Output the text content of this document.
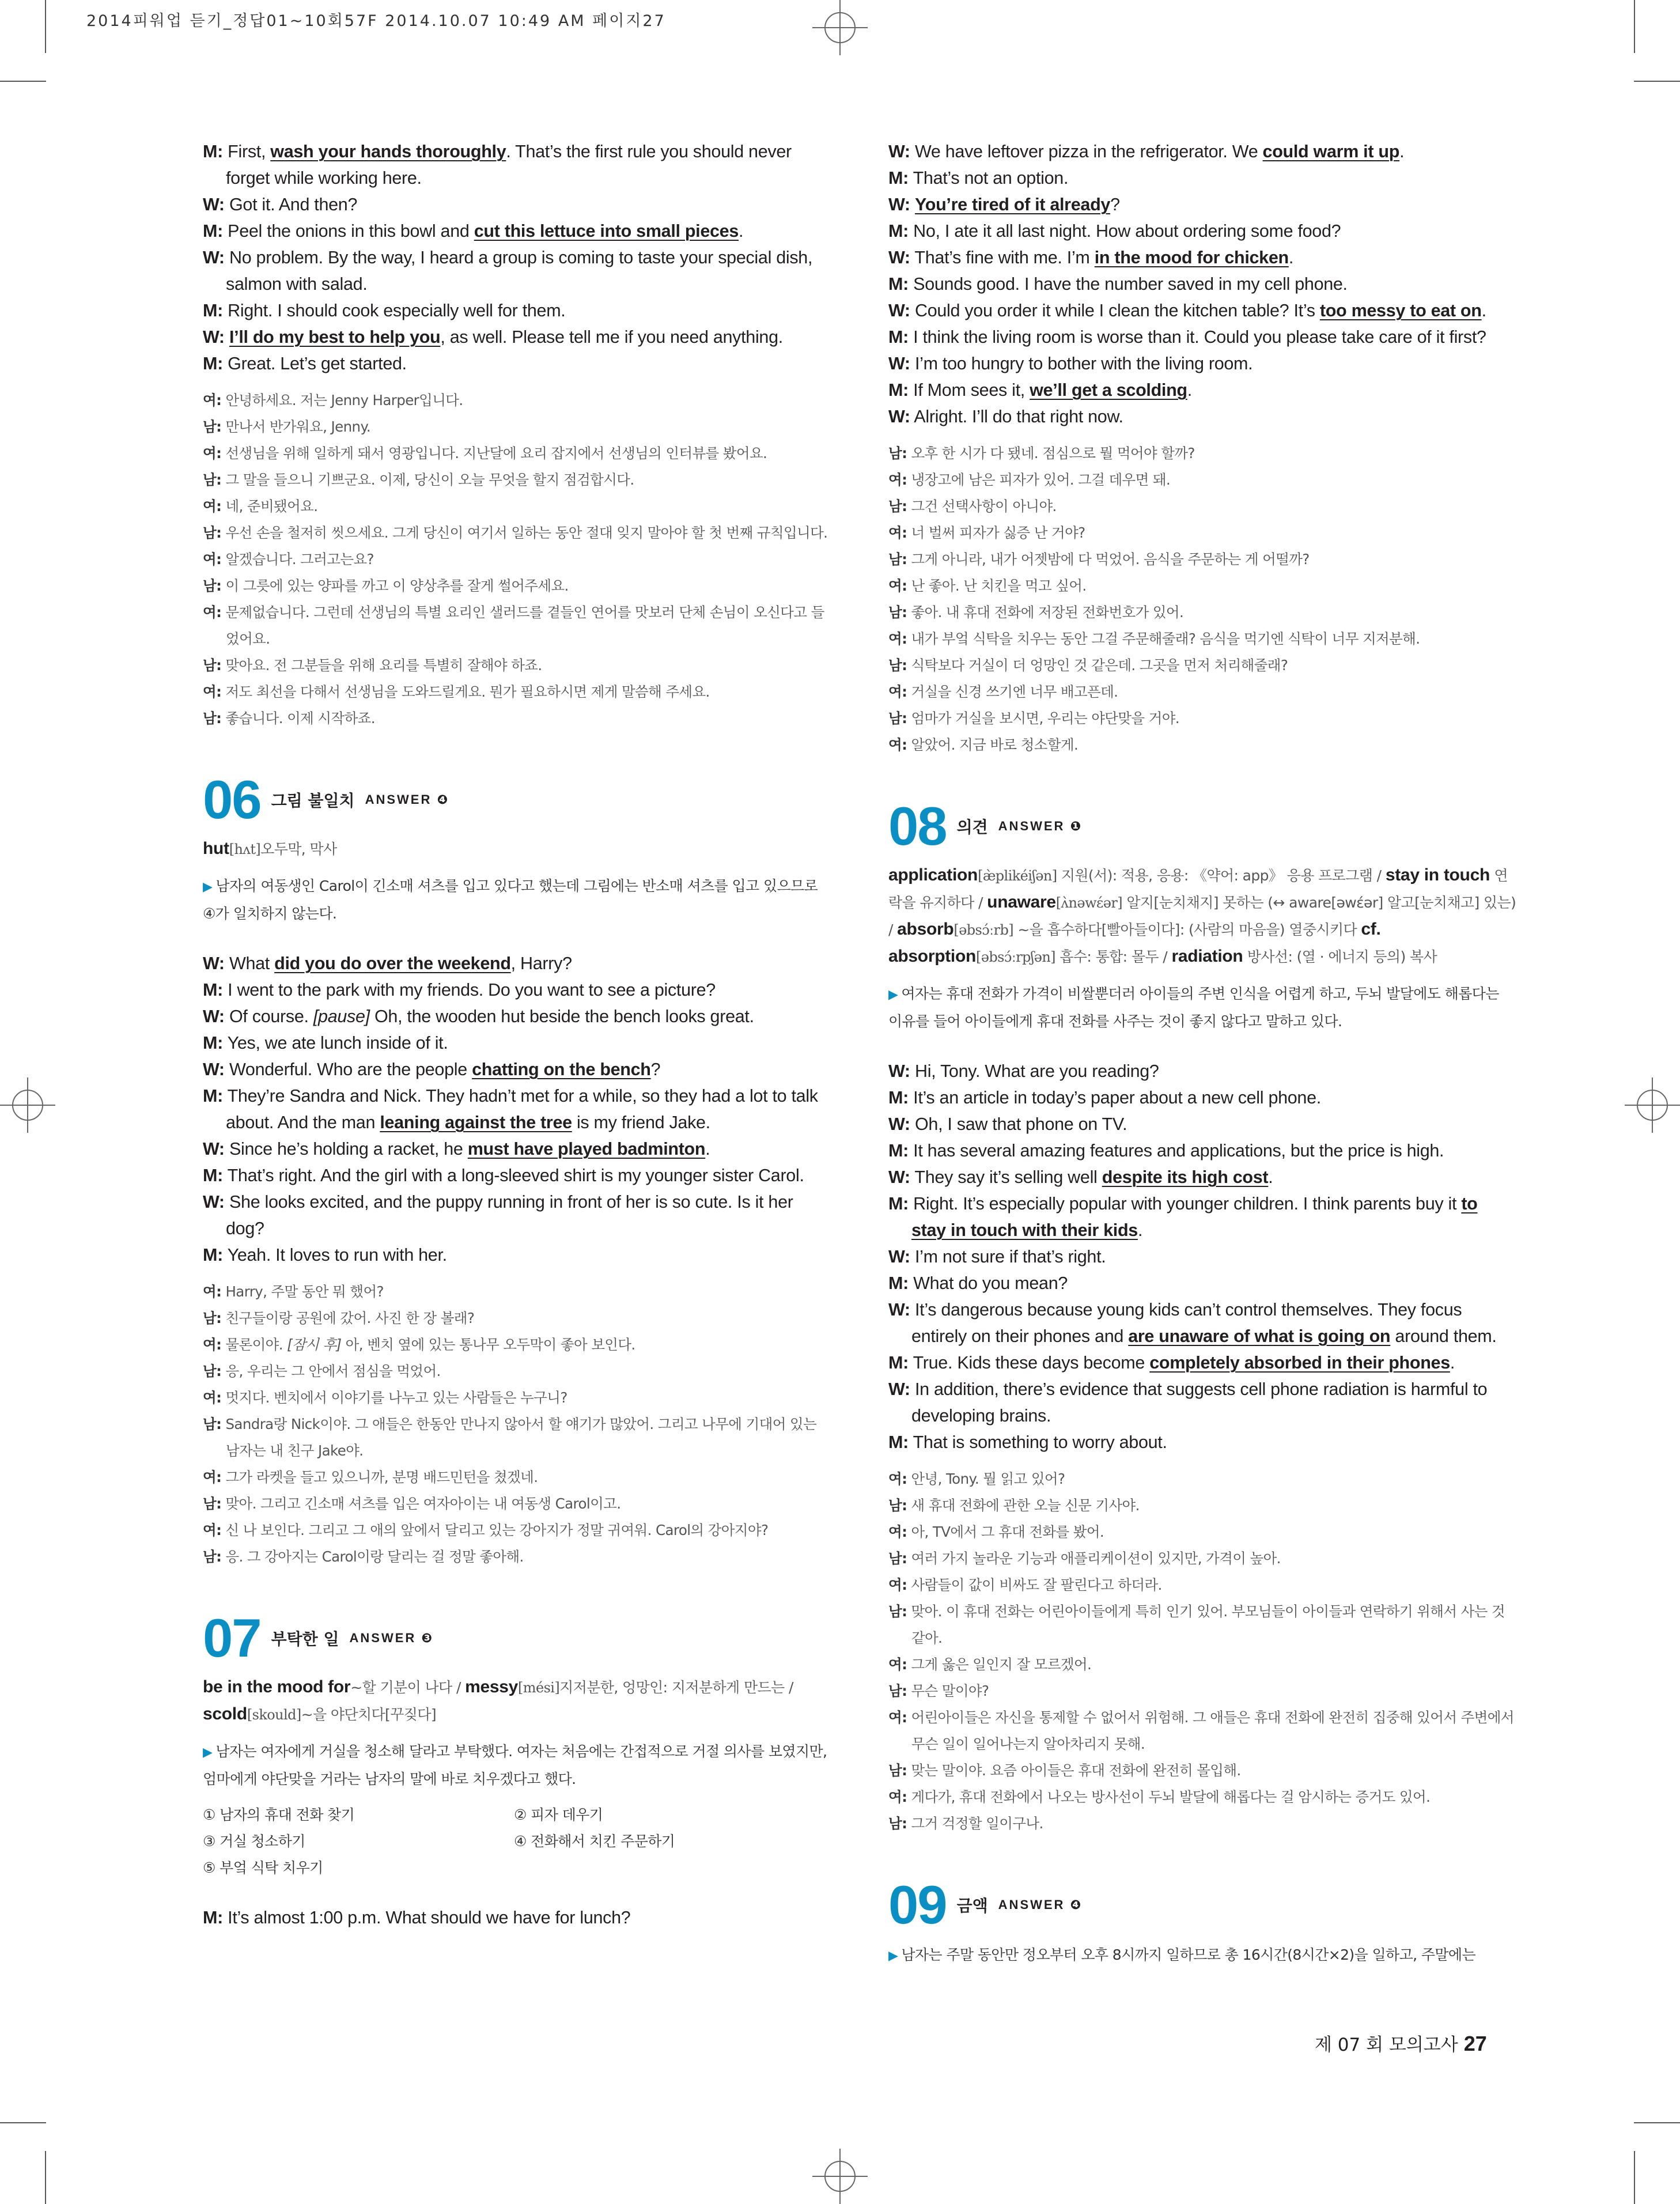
2014피워업 듣기_정답01~10회57F 2014.10.07 10:49 AM 페이지27
M: First, wash your hands thoroughly. That’s the first rule you should never forget while working here.
W: Got it. And then?
M: Peel the onions in this bowl and cut this lettuce into small pieces.
W: No problem. By the way, I heard a group is coming to taste your special dish, salmon with salad.
M: Right. I should cook especially well for them.
W: I’ll do my best to help you, as well. Please tell me if you need anything.
M: Great. Let’s get started.
여: 안녕하세요. 저는 Jenny Harper입니다.
남: 만나서 반가워요, Jenny.
여: 선생님을 위해 일하게 돼서 영광입니다. 지난달에 요리 잡지에서 선생님의 인터뷰를 봤어요.
남: 그 말을 들으니 기쁘군요. 이제, 당신이 오늘 무엇을 할지 점검합시다.
여: 네, 준비됐어요.
남: 우선 손을 철저히 씻으세요. 그게 당신이 여기서 일하는 동안 절대 잊지 말아야 할 첫 번째 규칙입니다.
여: 알겠습니다. 그러고는요?
남: 이 그릇에 있는 양파를 까고 이 양상추를 잘게 썰어주세요.
여: 문제없습니다. 그런데 선생님의 특별 요리인 샐러드를 곁들인 연어를 맛보러 단체 손님이 오신다고 들었어요.
남: 맞아요. 전 그분들을 위해 요리를 특별히 잘해야 하죠.
여: 저도 최선을 다해서 선생님을 도와드릴게요. 뭔가 필요하시면 제게 말씀해 주세요.
남: 좋습니다. 이제 시작하죠.
06 그림 불일치 ANSWER ❹
hut[hʌt]오두막, 막사
▶ 남자의 여동생인 Carol이 긴소매 셔츠를 입고 있다고 했는데 그림에는 반소매 셔츠를 입고 있으므로 ④가 일치하지 않는다.
W: What did you do over the weekend, Harry?
M: I went to the park with my friends. Do you want to see a picture?
W: Of course. [pause] Oh, the wooden hut beside the bench looks great.
M: Yes, we ate lunch inside of it.
W: Wonderful. Who are the people chatting on the bench?
M: They’re Sandra and Nick. They hadn’t met for a while, so they had a lot to talk about. And the man leaning against the tree is my friend Jake.
W: Since he’s holding a racket, he must have played badminton.
M: That’s right. And the girl with a long-sleeved shirt is my younger sister Carol.
W: She looks excited, and the puppy running in front of her is so cute. Is it her dog?
M: Yeah. It loves to run with her.
여: Harry, 주말 동안 뭐 했어?
남: 친구들이랑 공원에 갔어. 사진 한 장 볼래?
여: 물론이야. [잠시 후] 아, 벤치 옆에 있는 통나무 오두막이 좋아 보인다.
남: 응, 우리는 그 안에서 점심을 먹었어.
여: 멋지다. 벤치에서 이야기를 나누고 있는 사람들은 누구니?
남: Sandra랑 Nick이야. 그 애들은 한동안 만나지 않아서 할 얘기가 많았어. 그리고 나무에 기대어 있는 남자는 내 친구 Jake야.
여: 그가 라켓을 들고 있으니까, 분명 배드민턴을 쳤겠네.
남: 맞아. 그리고 긴소매 셔츠를 입은 여자아이는 내 여동생 Carol이고.
여: 신 나 보인다. 그리고 그 애의 앞에서 달리고 있는 강아지가 정말 귀여워. Carol의 강아지야?
남: 응. 그 강아지는 Carol이랑 달리는 걸 정말 좋아해.
07 부탁한 일 ANSWER ❸
be in the mood for~할 기분이 나다 / messy[mési]지저분한, 엉망인: 지저분하게 만드는 / scold[skould]~을 야단치다[꾸짖다]
▶ 남자는 여자에게 거실을 청소해 달라고 부탁했다. 여자는 처음에는 간접적으로 거절 의사를 보였지만, 엄마에게 야단맞을 거라는 남자의 말에 바로 치우겠다고 했다.
① 남자의 휴대 전화 찾기	② 피자 데우기
③ 거실 청소하기	④ 전화해서 치킨 주문하기
⑤ 부엌 식탁 치우기
M: It’s almost 1:00 p.m. What should we have for lunch?
W: We have leftover pizza in the refrigerator. We could warm it up.
M: That’s not an option.
W: You’re tired of it already?
M: No, I ate it all last night. How about ordering some food?
W: That’s fine with me. I’m in the mood for chicken.
M: Sounds good. I have the number saved in my cell phone.
W: Could you order it while I clean the kitchen table? It’s too messy to eat on.
M: I think the living room is worse than it. Could you please take care of it first?
W: I’m too hungry to bother with the living room.
M: If Mom sees it, we’ll get a scolding.
W: Alright. I’ll do that right now.
남: 오후 한 시가 다 됐네. 점심으로 뭘 먹어야 할까?
여: 냉장고에 남은 피자가 있어. 그걸 데우면 돼.
남: 그건 선택사항이 아니야.
여: 너 벌써 피자가 싫증 난 거야?
남: 그게 아니라, 내가 어젯밤에 다 먹었어. 음식을 주문하는 게 어떨까?
여: 난 좋아. 난 치킨을 먹고 싶어.
남: 좋아. 내 휴대 전화에 저장된 전화번호가 있어.
여: 내가 부엌 식탁을 치우는 동안 그걸 주문해줄래? 음식을 먹기엔 식탁이 너무 지저분해.
남: 식탁보다 거실이 더 엉망인 것 같은데. 그곳을 먼저 처리해줄래?
여: 거실을 신경 쓰기엔 너무 배고픈데.
남: 엄마가 거실을 보시면, 우리는 야단맞을 거야.
여: 알았어. 지금 바로 청소할게.
08 의견 ANSWER ❶
application[æ̀plikéiʃən] 지원(서): 적용, 응용: 《약어: app》 응용 프로그램 / stay in touch 연락을 유지하다 / unaware[ʌ̀nəwέər] 알지[눈치채지] 못하는 (↔ aware[əwέər] 알고[눈치채고] 있는) / absorb[əbsɔ́ːrb] ~을 흡수하다[빨아들이다]: (사람의 마음을) 열중시키다 cf. absorption[əbsɔ́ːrpʃən] 흡수: 통합: 몰두 / radiation 방사선: (열 · 에너지 등의) 복사
▶ 여자는 휴대 전화가 가격이 비쌀뿐더러 아이들의 주변 인식을 어렵게 하고, 두뇌 발달에도 해롭다는 이유를 들어 아이들에게 휴대 전화를 사주는 것이 좋지 않다고 말하고 있다.
W: Hi, Tony. What are you reading?
M: It’s an article in today’s paper about a new cell phone.
W: Oh, I saw that phone on TV.
M: It has several amazing features and applications, but the price is high.
W: They say it’s selling well despite its high cost.
M: Right. It’s especially popular with younger children. I think parents buy it to stay in touch with their kids.
W: I’m not sure if that’s right.
M: What do you mean?
W: It’s dangerous because young kids can’t control themselves. They focus entirely on their phones and are unaware of what is going on around them.
M: True. Kids these days become completely absorbed in their phones.
W: In addition, there’s evidence that suggests cell phone radiation is harmful to developing brains.
M: That is something to worry about.
여: 안녕, Tony. 뭘 읽고 있어?
남: 새 휴대 전화에 관한 오늘 신문 기사야.
여: 아, TV에서 그 휴대 전화를 봤어.
남: 여러 가지 놀라운 기능과 애플리케이션이 있지만, 가격이 높아.
여: 사람들이 값이 비싸도 잘 팔린다고 하더라.
남: 맞아. 이 휴대 전화는 어린아이들에게 특히 인기 있어. 부모님들이 아이들과 연락하기 위해서 사는 것 같아.
여: 그게 옳은 일인지 잘 모르겠어.
남: 무슨 말이야?
여: 어린아이들은 자신을 통제할 수 없어서 위험해. 그 애들은 휴대 전화에 완전히 집중해 있어서 주변에서 무슨 일이 일어나는지 알아차리지 못해.
남: 맞는 말이야. 요즘 아이들은 휴대 전화에 완전히 몰입해.
여: 게다가, 휴대 전화에서 나오는 방사선이 두뇌 발달에 해롭다는 걸 암시하는 증거도 있어.
남: 그거 걱정할 일이구나.
09 금액 ANSWER ❹
▶ 남자는 주말 동안만 정오부터 오후 8시까지 일하므로 총 16시간(8시간×2)을 일하고, 주말에는
제 07 회 모의고사 27
